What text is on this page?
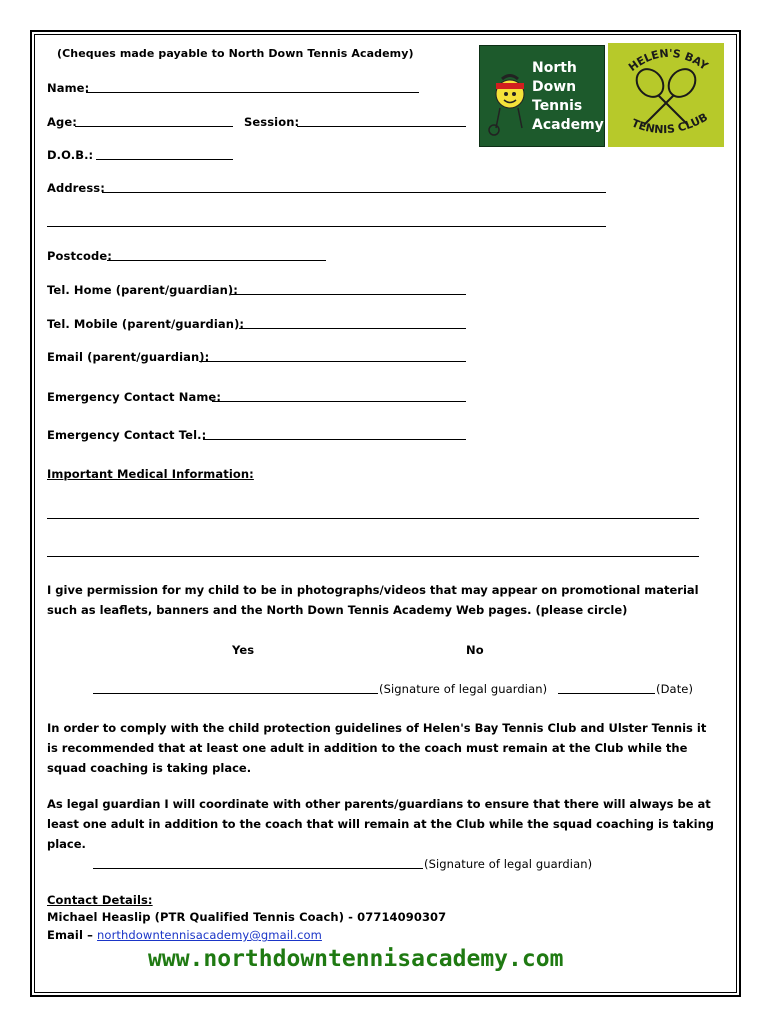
(Cheques made payable to North Down Tennis Academy)
North
Down
Tennis
Academy
HELEN'S BAY
TENNIS CLUB
Name:
Age:	Session:
D.O.B.:
Address:
Postcode:
Tel. Home (parent/guardian):
Tel. Mobile (parent/guardian):
Email (parent/guardian):
Emergency Contact Name:
Emergency Contact Tel.:
Important Medical Information:
I give permission for my child to be in photographs/videos that may appear on promotional material such as leaflets, banners and the North Down Tennis Academy Web pages. (please circle)
Yes	No
(Signature of legal guardian)	(Date)
In order to comply with the child protection guidelines of Helen's Bay Tennis Club and Ulster Tennis it is recommended that at least one adult in addition to the coach must remain at the Club while the squad coaching is taking place.
As legal guardian I will coordinate with other parents/guardians to ensure that there will always be at least one adult in addition to the coach that will remain at the Club while the squad coaching is taking place.
(Signature of legal guardian)
Contact Details:
Michael Heaslip (PTR Qualified Tennis Coach) - 07714090307
Email – northdowntennisacademy@gmail.com
www.northdowntennisacademy.com
